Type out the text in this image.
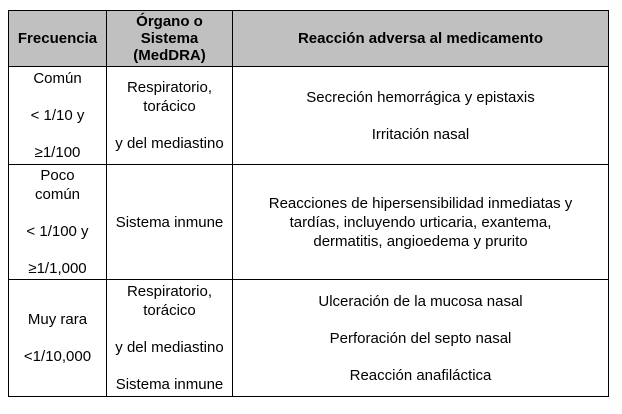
Frecuencia	Órgano o
Sistema
(MedDRA)	Reacción adversa al medicamento

Común
< 1/10 y
≥1/100	Respiratorio,
torácico
y del mediastino	Secreción hemorrágica y epistaxis
Irritación nasal

Poco
común
< 1/100 y
≥1/1,000	Sistema inmune	Reacciones de hipersensibilidad inmediatas y
tardías, incluyendo urticaria, exantema,
dermatitis, angioedema y prurito

Muy rara
<1/10,000	Respiratorio,
torácico
y del mediastino
Sistema inmune	Ulceración de la mucosa nasal
Perforación del septo nasal
Reacción anafiláctica
